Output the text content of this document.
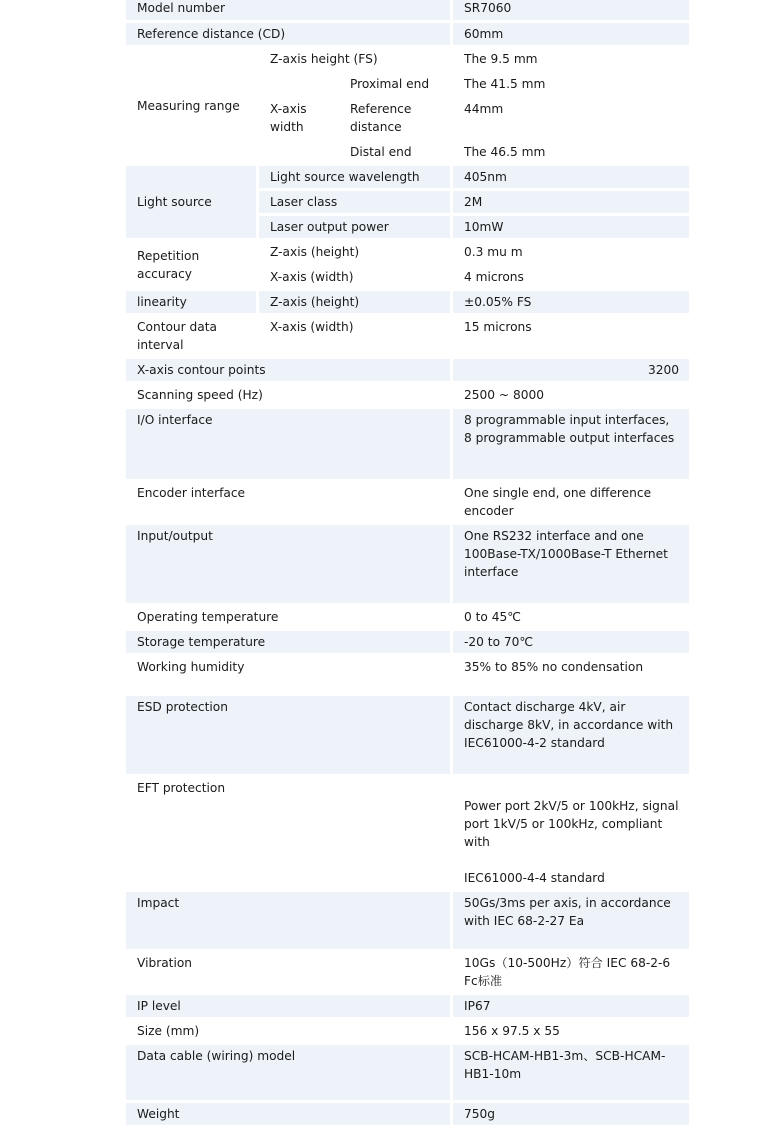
Model number			SR7060
Reference distance (CD)			60mm
Measuring range	Z-axis height (FS)		The 9.5 mm
	X-axis width	Proximal end	The 41.5 mm
		Reference distance	44mm
		Distal end	The 46.5 mm
Light source	Light source wavelength		405nm
	Laser class		2M
	Laser output power		10mW
Repetition accuracy	Z-axis (height)		0.3 mu m
	X-axis (width)		4 microns
linearity	Z-axis (height)		±0.05% FS
Contour data interval	X-axis (width)		15 microns
X-axis contour points			3200
Scanning speed (Hz)			2500 ~ 8000
I/O interface			8 programmable input interfaces, 8 programmable output interfaces
Encoder interface			One single end, one difference encoder
Input/output			One RS232 interface and one 100Base-TX/1000Base-T Ethernet interface
Operating temperature			0 to 45℃
Storage temperature			-20 to 70℃
Working humidity			35% to 85% no condensation
ESD protection			Contact discharge 4kV, air discharge 8kV, in accordance with IEC61000-4-2 standard
EFT protection			Power port 2kV/5 or 100kHz, signal port 1kV/5 or 100kHz, compliant with
IEC61000-4-4 standard

Impact			50Gs/3ms per axis, in accordance with IEC 68-2-27 Ea
Vibration			10Gs（10-500Hz）符合 IEC 68-2-6 Fc标准
IP level			IP67
Size (mm)			156 x 97.5 x 55
Data cable (wiring) model			SCB-HCAM-HB1-3m、SCB-HCAM-HB1-10m
Weight			750g
